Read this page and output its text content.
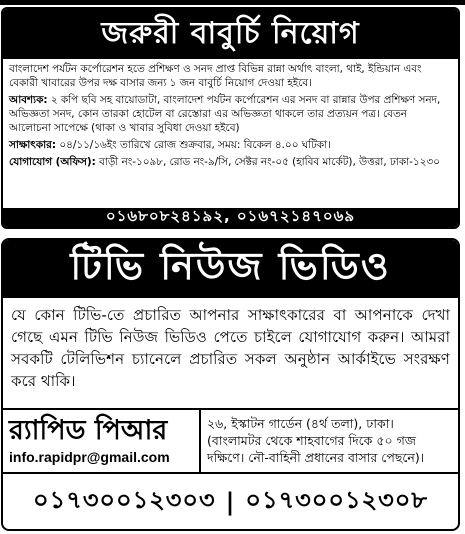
জরুরী বাবুর্চি নিয়োগ

বাংলাদেশ পর্যটন কর্পোরেশন হতে প্রশিক্ষণ ও সনদ প্রাপ্ত বিভিন্ন রান্না অর্থাৎ বাংলা, থাই, ইন্ডিয়ান এবং বেকারী খাবারের উপর দক্ষ বাসার জন্য ১ জন বাবুর্চি নিয়োগ দেওয়া হইবে।

আবশ্যক: ২ কপি ছবি সহ বায়োডাটা, বাংলাদেশ পর্যটন কর্পোরেশন এর সনদ বা রান্নার উপর প্রশিক্ষণ সনদ, অভিজ্ঞতা সনদ, কোন তারকা হোটেল বা রেস্তোরা এর অভিজ্ঞতা থাকলে তার প্রত্যয়ন পত্র। বেতন আলোচনা সাপেক্ষে (থাকা ও খাবার সুবিধা দেওয়া হইবে)

সাক্ষাৎকার: ০৪/১১/১৬ইং তারিখে রোজ শুক্রবার, সময়: বিকেল ৪.০০ ঘটিকা।

যোগাযোগ (অফিস): বাড়ী নং-১০৯৮, রোড নং-৯/সি, সেক্টর নং-০৫ (হাবিব মার্কেট), উত্তরা, ঢাকা-১২৩০

০১৬৮০৮২৪১৯২, ০১৬৭২১৪৭০৬৯
টিভি নিউজ ভিডিও
যে কোন টিভি-তে প্রচারিত আপনার সাক্ষাৎকারের বা আপনাকে দেখা গেছে এমন টিভি নিউজ ভিডিও পেতে চাইলে যোগাযোগ করুন। আমরা সবকটি টেলিভিশন চ্যানেলে প্রচারিত সকল অনুষ্ঠান আর্কাইভে সংরক্ষণ করে থাকি।
র‌্যাপিড পিআর
info.rapidpr@gmail.com
২৬, ইস্কাটন গার্ডেন (৪র্থ তলা), ঢাকা।
(বাংলামটর থেকে শাহবাগের দিকে ৫০ গজ দক্ষিণে। নৌ-বাহিনী প্রধানের বাসার পেছনে)।
০১৭৩০০১২৩০৩ | ০১৭৩০০১২৩০৮
